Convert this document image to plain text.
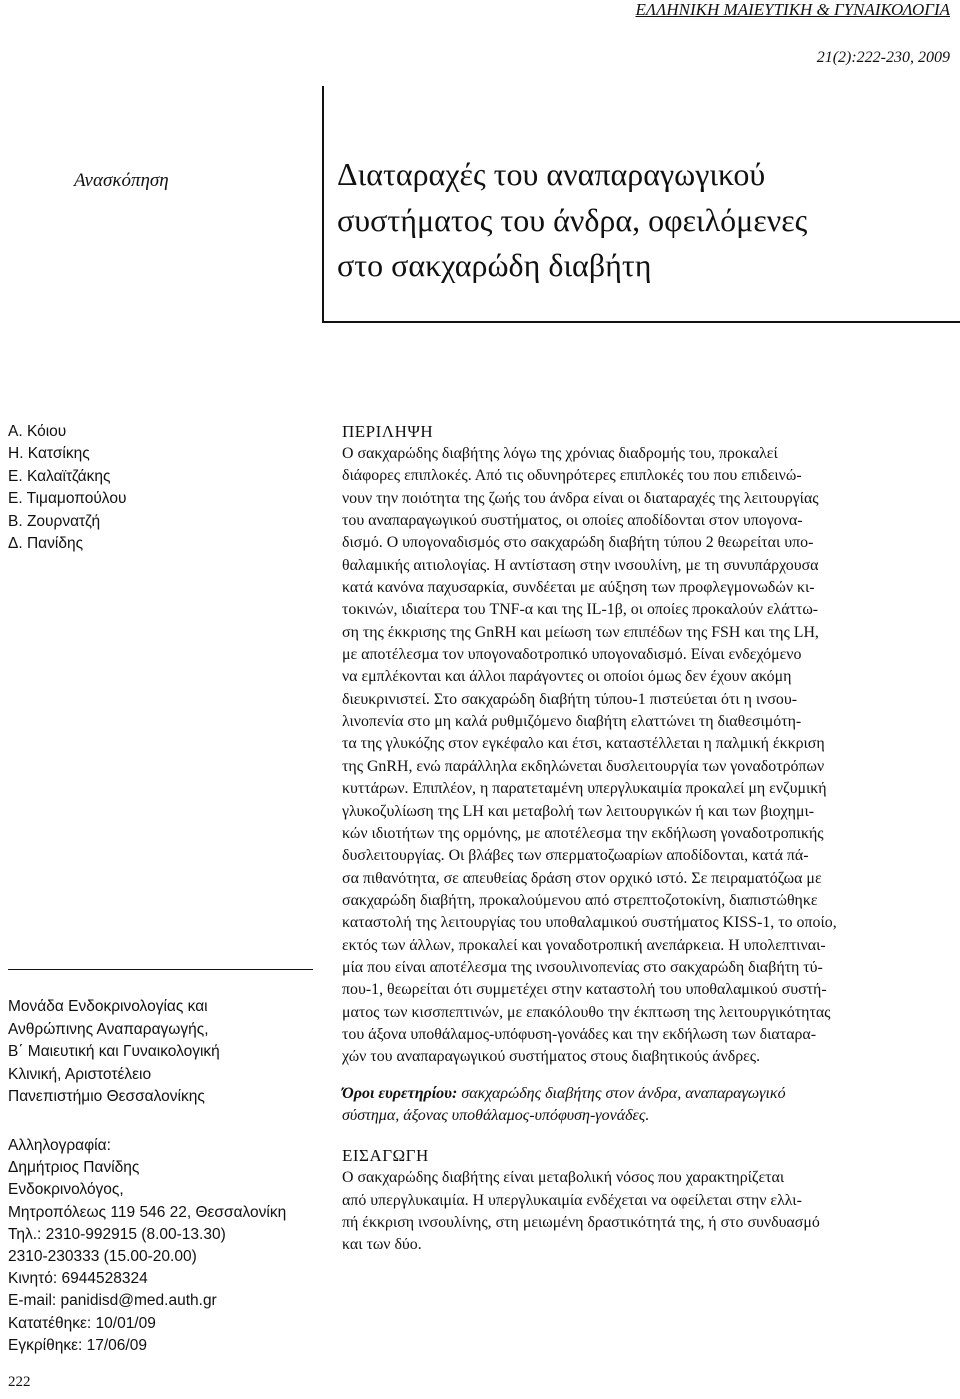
ΕΛΛΗΝΙΚΗ ΜΑΙΕΥΤΙΚΗ & ΓΥΝΑΙΚΟΛΟΓΙΑ
21(2):222-230, 2009
Ανασκόπηση	Διαταραχές του αναπαραγωγικού
συστήματος του άνδρα, οφειλόμενες
στο σακχαρώδη διαβήτη
Α. Κόιου
Η. Κατσίκης
Ε. Καλαϊτζάκης
Ε. Τιμαμοπούλου
Β. Ζουρνατζή
Δ. Πανίδης
Μονάδα Ενδοκρινολογίας και
Ανθρώπινης Αναπαραγωγής,
Β΄ Μαιευτική και Γυναικολογική
Κλινική, Αριστοτέλειο
Πανεπιστήμιο Θεσσαλονίκης
Αλληλογραφία:
Δημήτριος Πανίδης
Ενδοκρινολόγος,
Μητροπόλεως 119 546 22, Θεσσαλονίκη
Τηλ.: 2310-992915 (8.00-13.30)
2310-230333 (15.00-20.00)
Κινητό: 6944528324
E-mail: panidisd@med.auth.gr
Κατατέθηκε: 10/01/09
Εγκρίθηκε: 17/06/09
222
ΠΕΡΙΛΗΨΗ
Ο σακχαρώδης διαβήτης λόγω της χρόνιας διαδρομής του, προκαλεί
διάφορες επιπλοκές. Από τις οδυνηρότερες επιπλοκές του που επιδεινώ-
νουν την ποιότητα της ζωής του άνδρα είναι οι διαταραχές της λειτουργίας
του αναπαραγωγικού συστήματος, οι οποίες αποδίδονται στον υπογονα-
δισμό. Ο υπογοναδισμός στο σακχαρώδη διαβήτη τύπου 2 θεωρείται υπο-
θαλαμικής αιτιολογίας. Η αντίσταση στην ινσουλίνη, με τη συνυπάρχουσα
κατά κανόνα παχυσαρκία, συνδέεται με αύξηση των προφλεγμονωδών κι-
τοκινών, ιδιαίτερα του TNF-α και της IL-1β, οι οποίες προκαλούν ελάττω-
ση της έκκρισης της GnRH και μείωση των επιπέδων της FSH και της LH,
με αποτέλεσμα τον υπογοναδοτροπικό υπογοναδισμό. Είναι ενδεχόμενο
να εμπλέκονται και άλλοι παράγοντες οι οποίοι όμως δεν έχουν ακόμη
διευκρινιστεί. Στο σακχαρώδη διαβήτη τύπου-1 πιστεύεται ότι η ινσου-
λινοπενία στο μη καλά ρυθμιζόμενο διαβήτη ελαττώνει τη διαθεσιμότη-
τα της γλυκόζης στον εγκέφαλο και έτσι, καταστέλλεται η παλμική έκκριση
της GnRH, ενώ παράλληλα εκδηλώνεται δυσλειτουργία των γοναδοτρόπων
κυττάρων. Επιπλέον, η παρατεταμένη υπεργλυκαιμία προκαλεί μη ενζυμική
γλυκοζυλίωση της LH και μεταβολή των λειτουργικών ή και των βιοχημι-
κών ιδιοτήτων της ορμόνης, με αποτέλεσμα την εκδήλωση γοναδοτροπικής
δυσλειτουργίας. Οι βλάβες των σπερματοζωαρίων αποδίδονται, κατά πά-
σα πιθανότητα, σε απευθείας δράση στον ορχικό ιστό. Σε πειραματόζωα με
σακχαρώδη διαβήτη, προκαλούμενου από στρεπτοζοτοκίνη, διαπιστώθηκε
καταστολή της λειτουργίας του υποθαλαμικού συστήματος KISS-1, το οποίο,
εκτός των άλλων, προκαλεί και γοναδοτροπική ανεπάρκεια. Η υπολεπτιναι-
μία που είναι αποτέλεσμα της ινσουλινοπενίας στο σακχαρώδη διαβήτη τύ-
που-1, θεωρείται ότι συμμετέχει στην καταστολή του υποθαλαμικού συστή-
ματος των κισσπεπτινών, με επακόλουθο την έκπτωση της λειτουργικότητας
του άξονα υποθάλαμος-υπόφυση-γονάδες και την εκδήλωση των διαταρα-
χών του αναπαραγωγικού συστήματος στους διαβητικούς άνδρες.
Όροι ευρετηρίου: σακχαρώδης διαβήτης στον άνδρα, αναπαραγωγικό
σύστημα, άξονας υποθάλαμος-υπόφυση-γονάδες.
ΕΙΣΑΓΩΓΗ
Ο σακχαρώδης διαβήτης είναι μεταβολική νόσος που χαρακτηρίζεται
από υπεργλυκαιμία. Η υπεργλυκαιμία ενδέχεται να οφείλεται στην ελλι-
πή έκκριση ινσουλίνης, στη μειωμένη δραστικότητά της, ή στο συνδυασμό
και των δύο.
